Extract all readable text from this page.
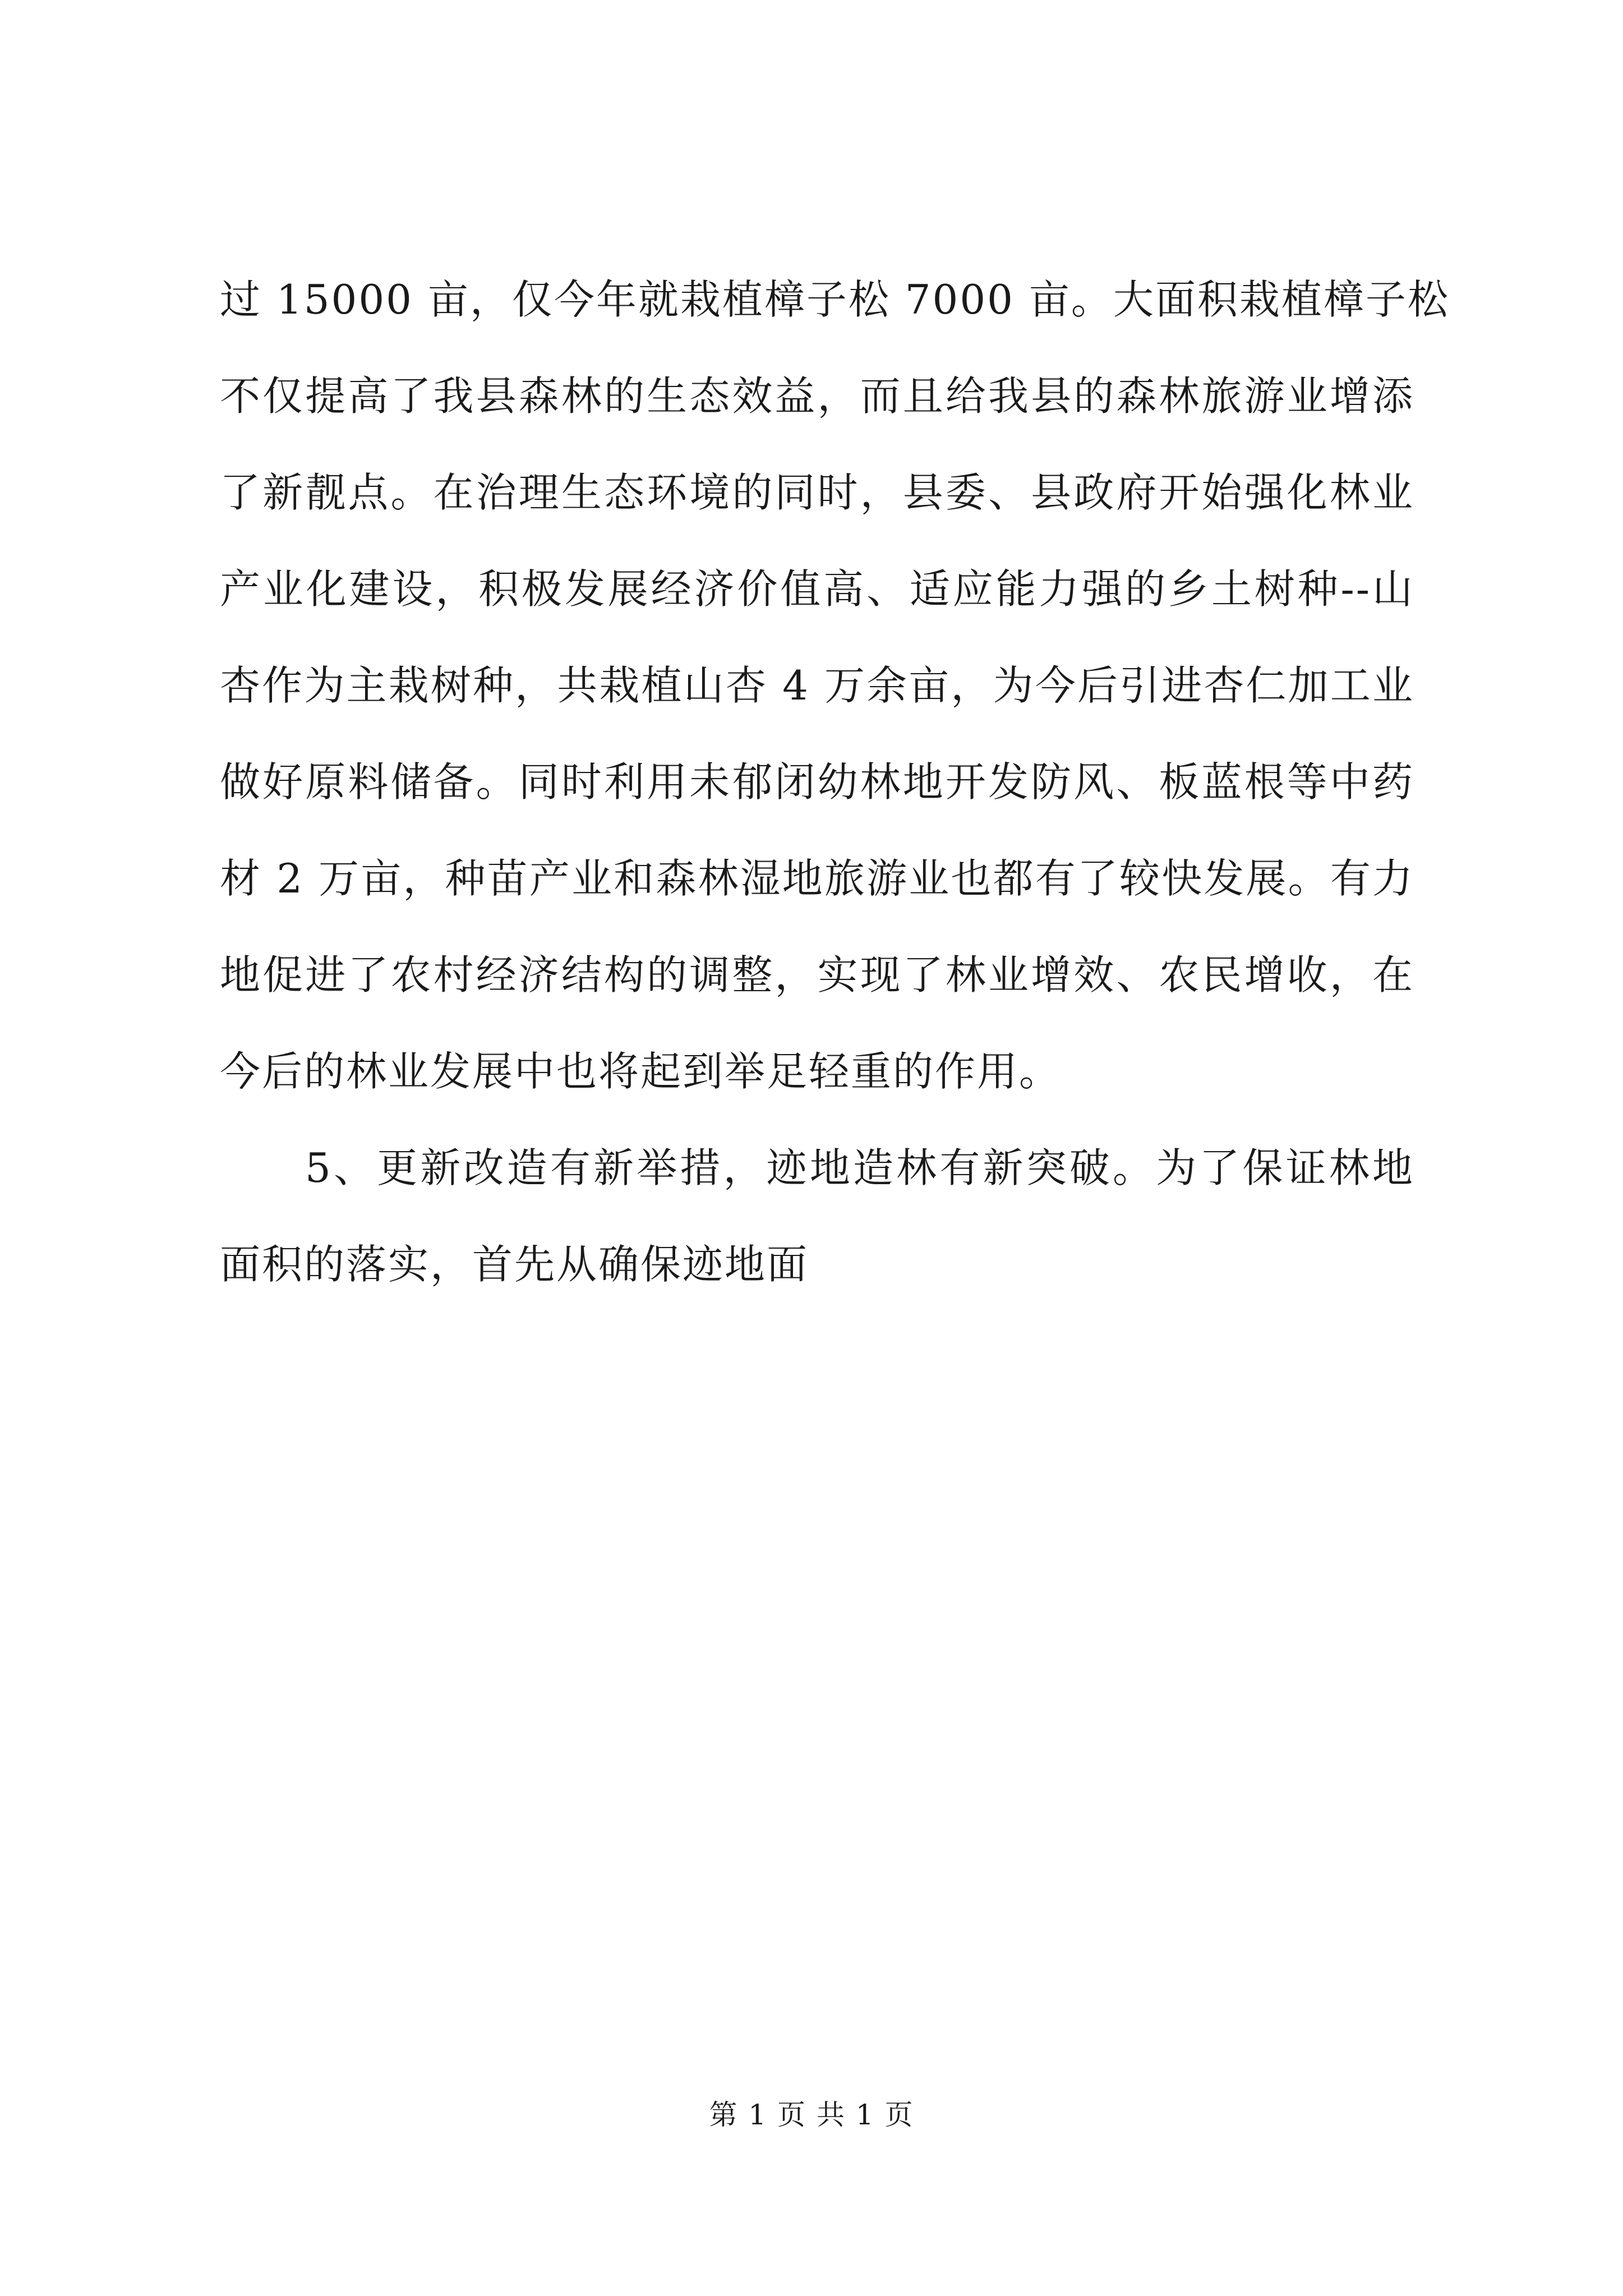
过 15000 亩，仅今年就栽植樟子松 7000 亩。大面积栽植樟子松
不仅提高了我县森林的生态效益，而且给我县的森林旅游业增添
了新靓点。在治理生态环境的同时，县委、县政府开始强化林业
产业化建设，积极发展经济价值高、适应能力强的乡土树种--山
杏作为主栽树种，共栽植山杏 4 万余亩，为今后引进杏仁加工业
做好原料储备。同时利用未郁闭幼林地开发防风、板蓝根等中药
材 2 万亩，种苗产业和森林湿地旅游业也都有了较快发展。有力
地促进了农村经济结构的调整，实现了林业增效、农民增收，在
今后的林业发展中也将起到举足轻重的作用。
5、更新改造有新举措，迹地造林有新突破。为了保证林地
面积的落实，首先从确保迹地面
第 1 页 共 1 页
